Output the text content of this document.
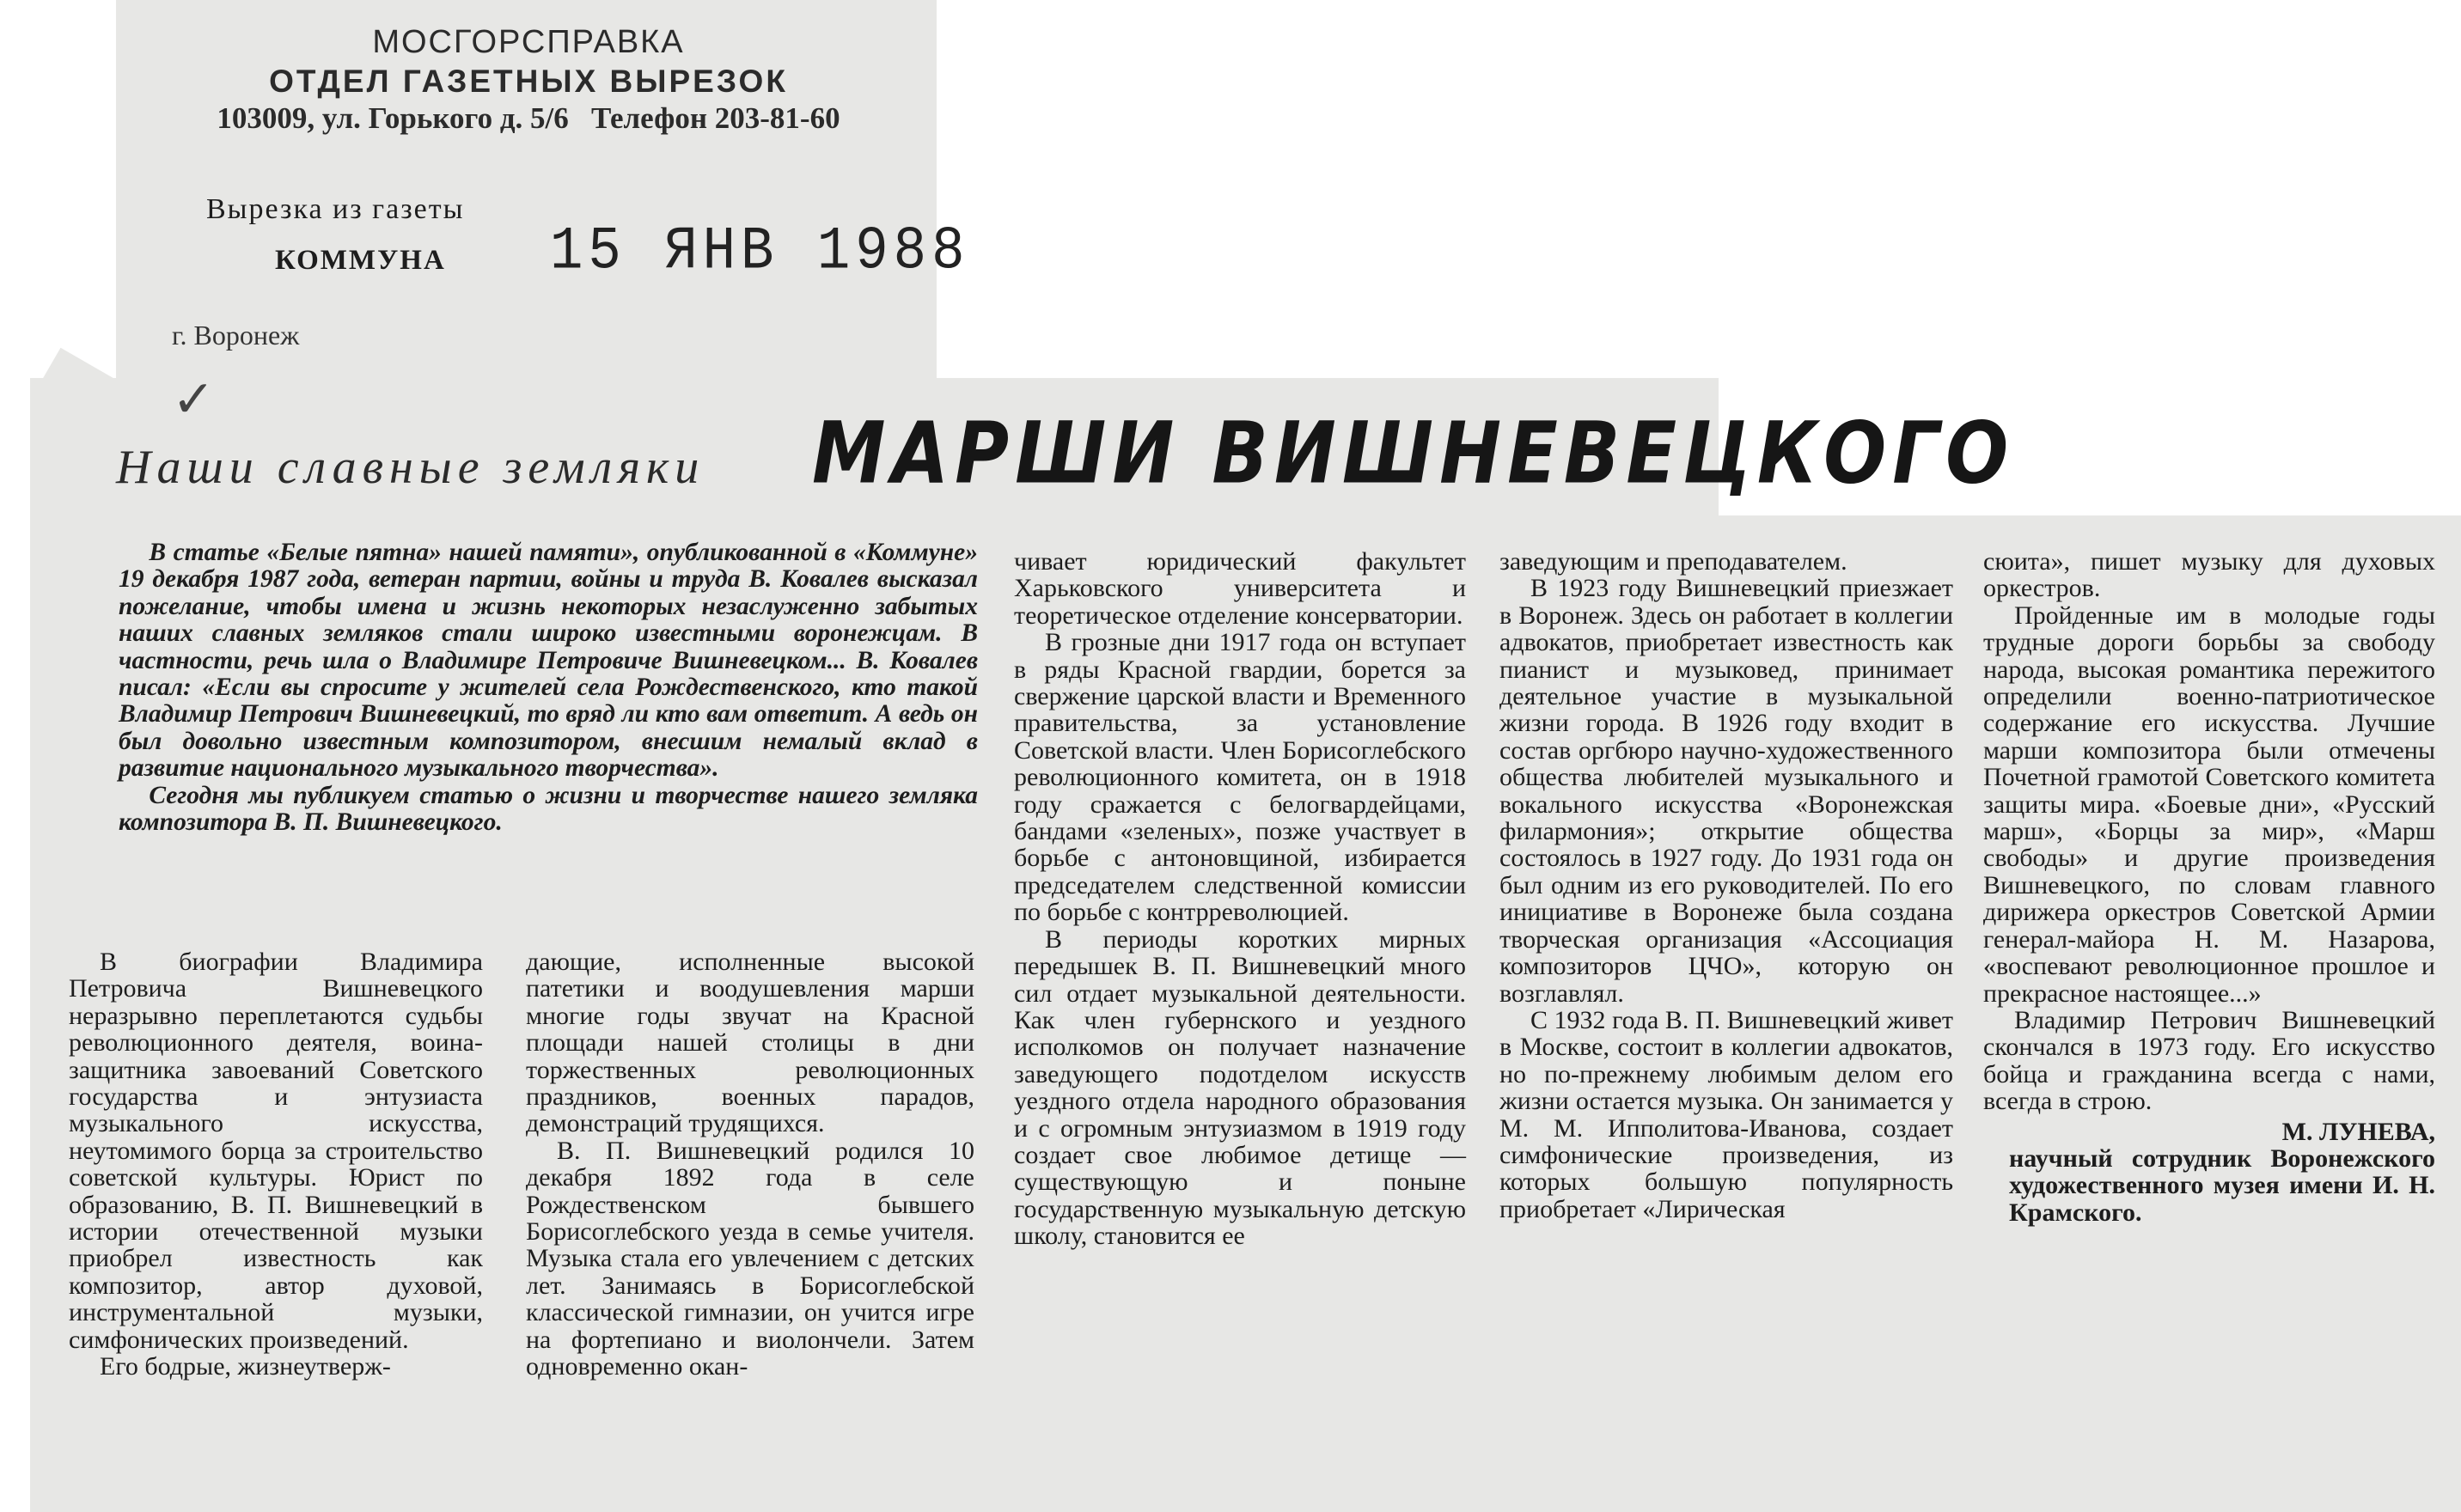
МОСГОРСПРАВКА
ОТДЕЛ ГАЗЕТНЫХ ВЫРЕЗОК
103009, ул. Горького д. 5/6   Телефон 203-81-60
Вырезка из газеты
КОММУНА 15 ЯНВ 1988
г. Воронеж
✓
Наши славные земляки МАРШИ ВИШНЕВЕЦКОГО

В статье «Белые пятна» нашей памяти», опубликованной в «Коммуне» 19 декабря 1987 года, ветеран партии, войны и труда В. Ковалев высказал пожелание, чтобы имена и жизнь некоторых незаслуженно забытых наших славных земляков стали широко известными воронежцам. В частности, речь шла о Владимире Петровиче Вишневецком... В. Ковалев писал: «Если вы спросите у жителей села Рождественского, кто такой Владимир Петрович Вишневецкий, то вряд ли кто вам ответит. А ведь он был довольно известным композитором, внесшим немалый вклад в развитие национального музыкального творчества».

Сегодня мы публикуем статью о жизни и творчестве нашего земляка композитора В. П. Вишневецкого.

В биографии Владимира Петровича Вишневецкого неразрывно переплетаются судьбы революционного деятеля, воина-защитника завоеваний Советского государства и энтузиаста музыкального искусства, неутомимого борца за строительство советской культуры. Юрист по образованию, В. П. Вишневецкий в истории отечественной музыки приобрел известность как композитор, автор духовой, инструментальной музыки, симфонических произведений.

Его бодрые, жизнеутверж-

дающие, исполненные высокой патетики и воодушевления марши многие годы звучат на Красной площади нашей столицы в дни торжественных революционных праздников, военных парадов, демонстраций трудящихся.

В. П. Вишневецкий родился 10 декабря 1892 года в селе Рождественском бывшего Борисоглебского уезда в семье учителя. Музыка стала его увлечением с детских лет. Занимаясь в Борисоглебской классической гимназии, он учится игре на фортепиано и виолончели. Затем одновременно окан-

чивает юридический факультет Харьковского университета и теоретическое отделение консерватории.

В грозные дни 1917 года он вступает в ряды Красной гвардии, борется за свержение царской власти и Временного правительства, за установление Советской власти. Член Борисоглебского революционного комитета, он в 1918 году сражается с белогвардейцами, бандами «зеленых», позже участвует в борьбе с антоновщиной, избирается председателем следственной комиссии по борьбе с контрреволюцией.

В периоды коротких мирных передышек В. П. Вишневецкий много сил отдает музыкальной деятельности. Как член губернского и уездного исполкомов он получает назначение заведующего подотделом искусств уездного отдела народного образования и с огромным энтузиазмом в 1919 году создает свое любимое детище — существующую и поныне государственную музыкальную детскую школу, становится ее

заведующим и преподавателем.

В 1923 году Вишневецкий приезжает в Воронеж. Здесь он работает в коллегии адвокатов, приобретает известность как пианист и музыковед, принимает деятельное участие в музыкальной жизни города. В 1926 году входит в состав оргбюро научно-художественного общества любителей музыкального и вокального искусства «Воронежская филармония»; открытие общества состоялось в 1927 году. До 1931 года он был одним из его руководителей. По его инициативе в Воронеже была создана творческая организация «Ассоциация композиторов ЦЧО», которую он возглавлял.

С 1932 года В. П. Вишневецкий живет в Москве, состоит в коллегии адвокатов, но по-прежнему любимым делом его жизни остается музыка. Он занимается у М. М. Ипполитова-Иванова, создает симфонические произведения, из которых большую популярность приобретает «Лирическая

сюита», пишет музыку для духовых оркестров.

Пройденные им в молодые годы трудные дороги борьбы за свободу народа, высокая романтика пережитого определили военно-патриотическое содержание его искусства. Лучшие марши композитора были отмечены Почетной грамотой Советского комитета защиты мира. «Боевые дни», «Русский марш», «Борцы за мир», «Марш свободы» и другие произведения Вишневецкого, по словам главного дирижера оркестров Советской Армии генерал-майора Н. М. Назарова, «воспевают революционное прошлое и прекрасное настоящее...»

Владимир Петрович Вишневецкий скончался в 1973 году. Его искусство бойца и гражданина всегда с нами, всегда в строю.

М. ЛУНЕВА,

научный сотрудник Воронежского художественного музея имени И. Н. Крамского.
